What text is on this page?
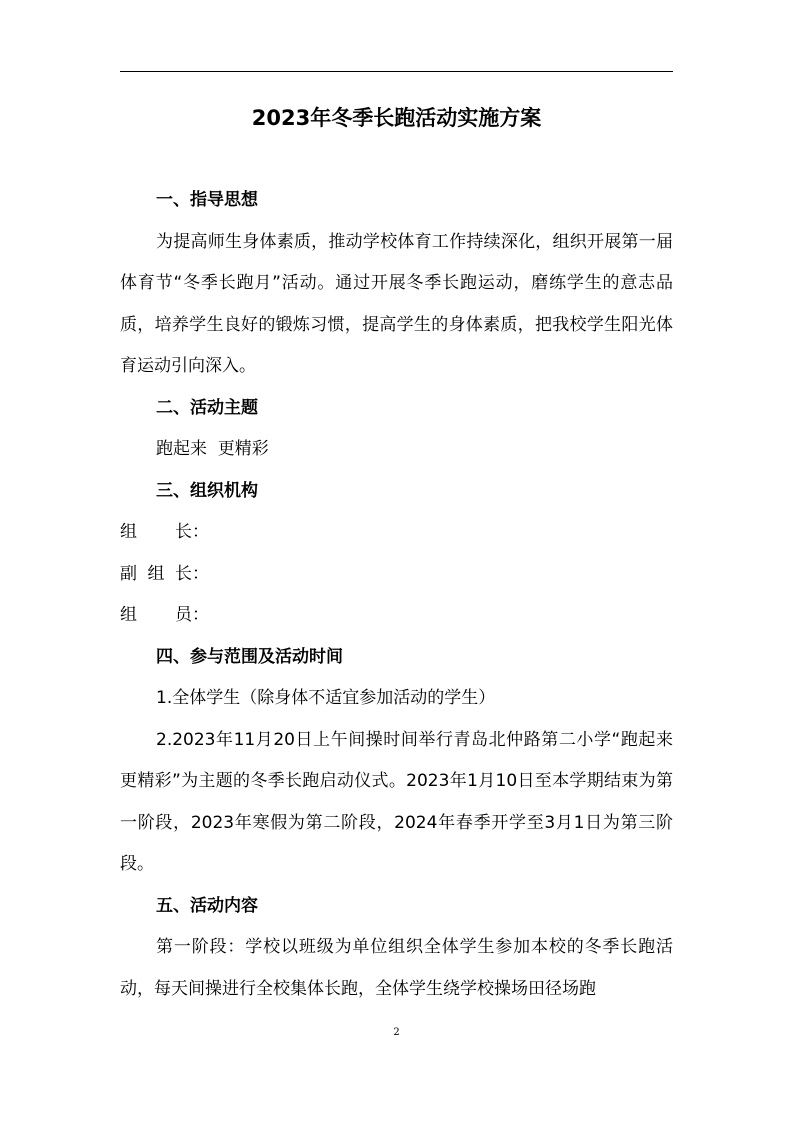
2023年冬季长跑活动实施方案

一、指导思想

为提高师生身体素质，推动学校体育工作持续深化，组织开展第一届体育节“冬季长跑月”活动。通过开展冬季长跑运动，磨练学生的意志品质，培养学生良好的锻炼习惯，提高学生的身体素质，把我校学生阳光体育运动引向深入。

二、活动主题

跑起来  更精彩

三、组织机构

组长：

副组长：

组员：

四、参与范围及活动时间

1.全体学生（除身体不适宜参加活动的学生）

2.2023年11月20日上午间操时间举行青岛北仲路第二小学“跑起来  更精彩”为主题的冬季长跑启动仪式。2023年1月10日至本学期结束为第一阶段，2023年寒假为第二阶段，2024年春季开学至3月1日为第三阶段。

五、活动内容

第一阶段：学校以班级为单位组织全体学生参加本校的冬季长跑活动，每天间操进行全校集体长跑，全体学生绕学校操场田径场跑

2
